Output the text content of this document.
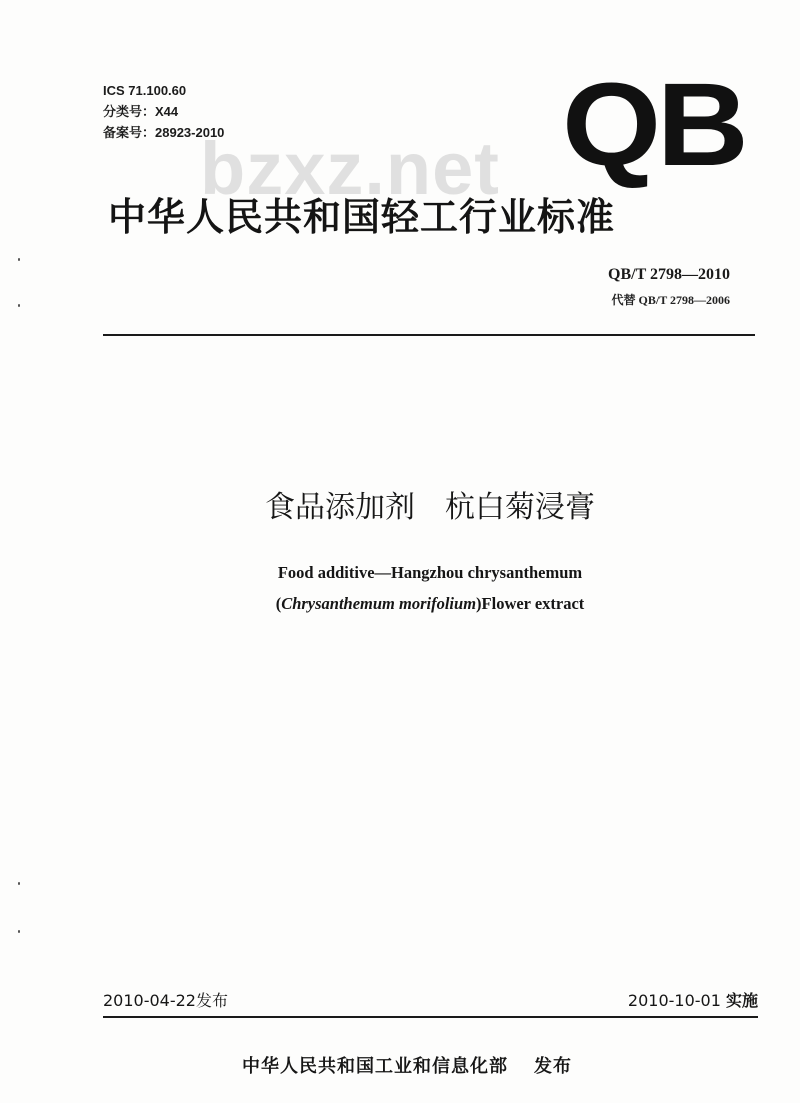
ICS 71.100.60
分类号：X44
备案号：28923-2010	QB
bzxz.net
中华人民共和国轻工行业标准
QB/T 2798—2010
代替 QB/T 2798—2006
食品添加剂　杭白菊浸膏
Food additive—Hangzhou chrysanthemum
(Chrysanthemum morifolium)Flower extract
2010-04-22发布	2010-10-01 实施
中华人民共和国工业和信息化部 发布
